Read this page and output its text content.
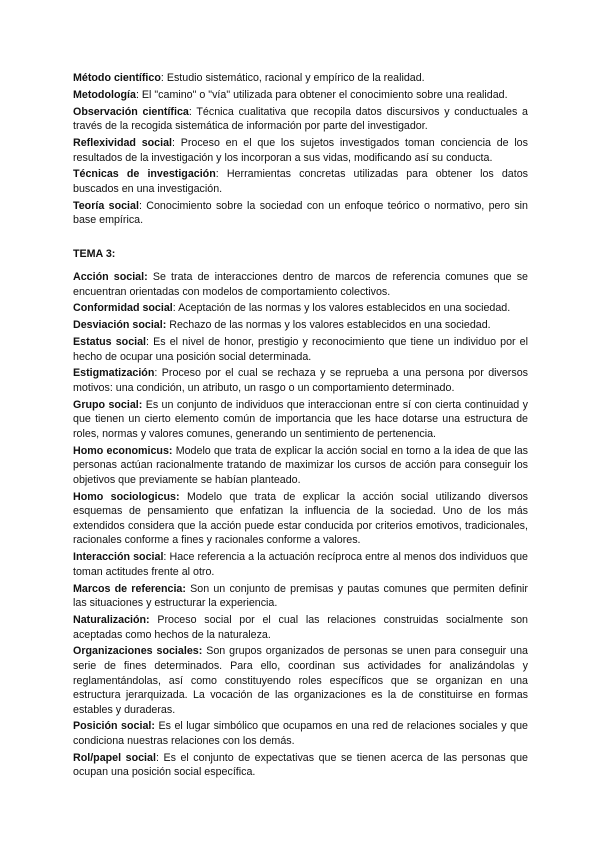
Método científico: Estudio sistemático, racional y empírico de la realidad.

Metodología: El "camino" o "vía" utilizada para obtener el conocimiento sobre una realidad.

Observación científica: Técnica cualitativa que recopila datos discursivos y conductuales a través de la recogida sistemática de información por parte del investigador.

Reflexividad social: Proceso en el que los sujetos investigados toman conciencia de los resultados de la investigación y los incorporan a sus vidas, modificando así su conducta.

Técnicas de investigación: Herramientas concretas utilizadas para obtener los datos buscados en una investigación.

Teoría social: Conocimiento sobre la sociedad con un enfoque teórico o normativo, pero sin base empírica.

TEMA 3:

Acción social: Se trata de interacciones dentro de marcos de referencia comunes que se encuentran orientadas con modelos de comportamiento colectivos.

Conformidad social: Aceptación de las normas y los valores establecidos en una sociedad.

Desviación social: Rechazo de las normas y los valores establecidos en una sociedad.

Estatus social: Es el nivel de honor, prestigio y reconocimiento que tiene un individuo por el hecho de ocupar una posición social determinada.

Estigmatización: Proceso por el cual se rechaza y se repruebа a una persona por diversos motivos: una condición, un atributo, un rasgo o un comportamiento determinado.

Grupo social: Es un conjunto de individuos que interaccionan entre sí con cierta continuidad y que tienen un cierto elemento común de importancia que les hace dotarse una estructura de roles, normas y valores comunes, generando un sentimiento de pertenencia.

Homo economicus: Modelo que trata de explicar la acción social en torno a la idea de que las personas actúan racionalmente tratando de maximizar los cursos de acción para conseguir los objetivos que previamente se habían planteado.

Homo sociologicus: Modelo que trata de explicar la acción social utilizando diversos esquemas de pensamiento que enfatizan la influencia de la sociedad. Uno de los más extendidos considera que la acción puede estar conducida por criterios emotivos, tradicionales, racionales conforme a fines y racionales conforme a valores.

Interacción social: Hace referencia a la actuación recíproca entre al menos dos individuos que toman actitudes frente al otro.

Marcos de referencia: Son un conjunto de premisas y pautas comunes que permiten definir las situaciones y estructurar la experiencia.

Naturalización: Proceso social por el cual las relaciones construidas socialmente son aceptadas como hechos de la naturaleza.

Organizaciones sociales: Son grupos organizados de personas se unen para conseguir una serie de fines determinados. Para ello, coordinan sus actividades for analizándolas y reglamentándolas, así como constituyendo roles específicos que se organizan en una estructura jerarquizada. La vocación de las organizaciones es la de constituirse en formas estables y duraderas.

Posición social: Es el lugar simbólico que ocupamos en una red de relaciones sociales y que condiciona nuestras relaciones con los demás.

Rol/papel social: Es el conjunto de expectativas que se tienen acerca de las personas que ocupan una posición social específica.
